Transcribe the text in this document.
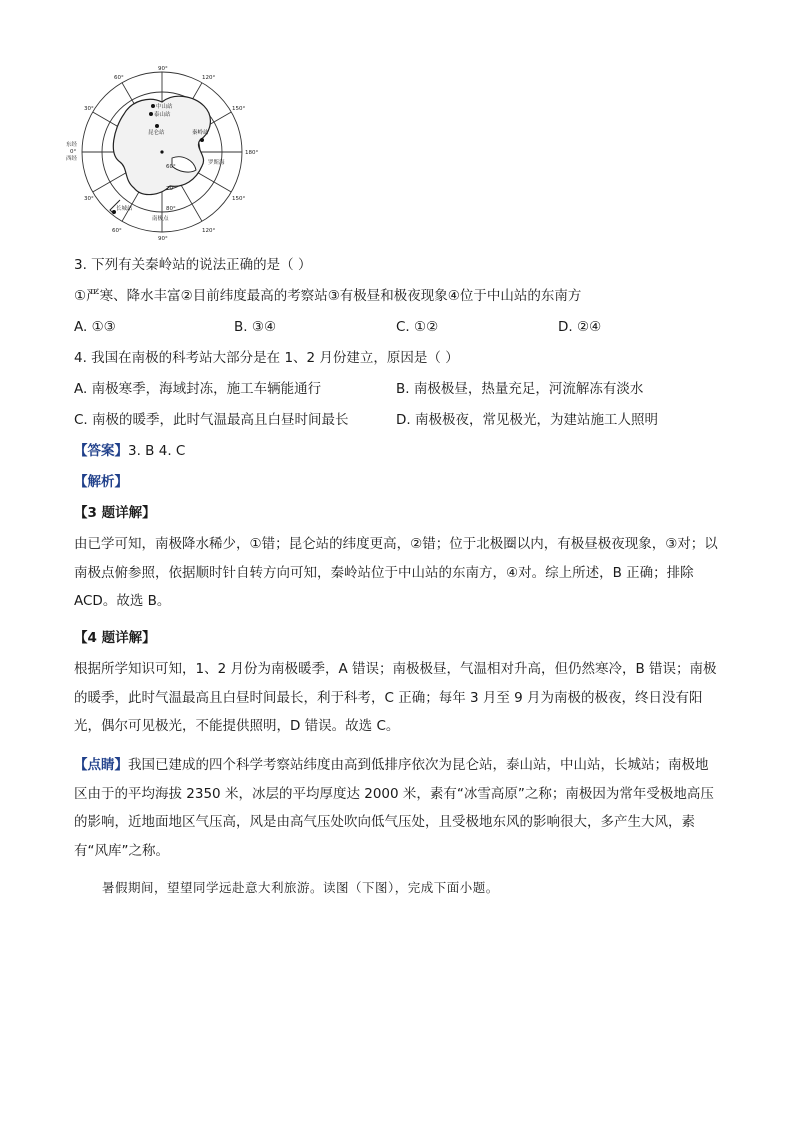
90°
120°
60°
30°	150°
东经
0°
西经
180°
30°	150°
60°	120°
90°
60°
70°
80°
中山站
泰山站
昆仑站	秦岭站
罗斯海
长城站
南极点
3. 下列有关秦岭站的说法正确的是（ ）
①严寒、降水丰富②目前纬度最高的考察站③有极昼和极夜现象④位于中山站的东南方
A. ①③	B. ③④	C. ①②	D. ②④
4. 我国在南极的科考站大部分是在 1、2 月份建立，原因是（ ）
A. 南极寒季，海域封冻，施工车辆能通行	B. 南极极昼，热量充足，河流解冻有淡水
C. 南极的暖季，此时气温最高且白昼时间最长	D. 南极极夜，常见极光，为建站施工人照明
【答案】3. B 4. C
【解析】
【3 题详解】
由已学可知，南极降水稀少，①错；昆仑站的纬度更高，②错；位于北极圈以内，有极昼极夜现象，③对；以南极点俯参照，依据顺时针自转方向可知，秦岭站位于中山站的东南方，④对。综上所述，B 正确；排除 ACD。故选 B。
【4 题详解】
根据所学知识可知，1、2 月份为南极暖季，A 错误；南极极昼，气温相对升高，但仍然寒冷，B 错误；南极的暖季，此时气温最高且白昼时间最长，利于科考，C 正确；每年 3 月至 9 月为南极的极夜，终日没有阳光，偶尔可见极光，不能提供照明，D 错误。故选 C。
【点睛】我国已建成的四个科学考察站纬度由高到低排序依次为昆仑站，泰山站，中山站，长城站；南极地区由于的平均海拔 2350 米，冰层的平均厚度达 2000 米，素有“冰雪高原”之称；南极因为常年受极地高压的影响，近地面地区气压高，风是由高气压处吹向低气压处，且受极地东风的影响很大，多产生大风，素有“风库”之称。
暑假期间，望望同学远赴意大利旅游。读图（下图），完成下面小题。
